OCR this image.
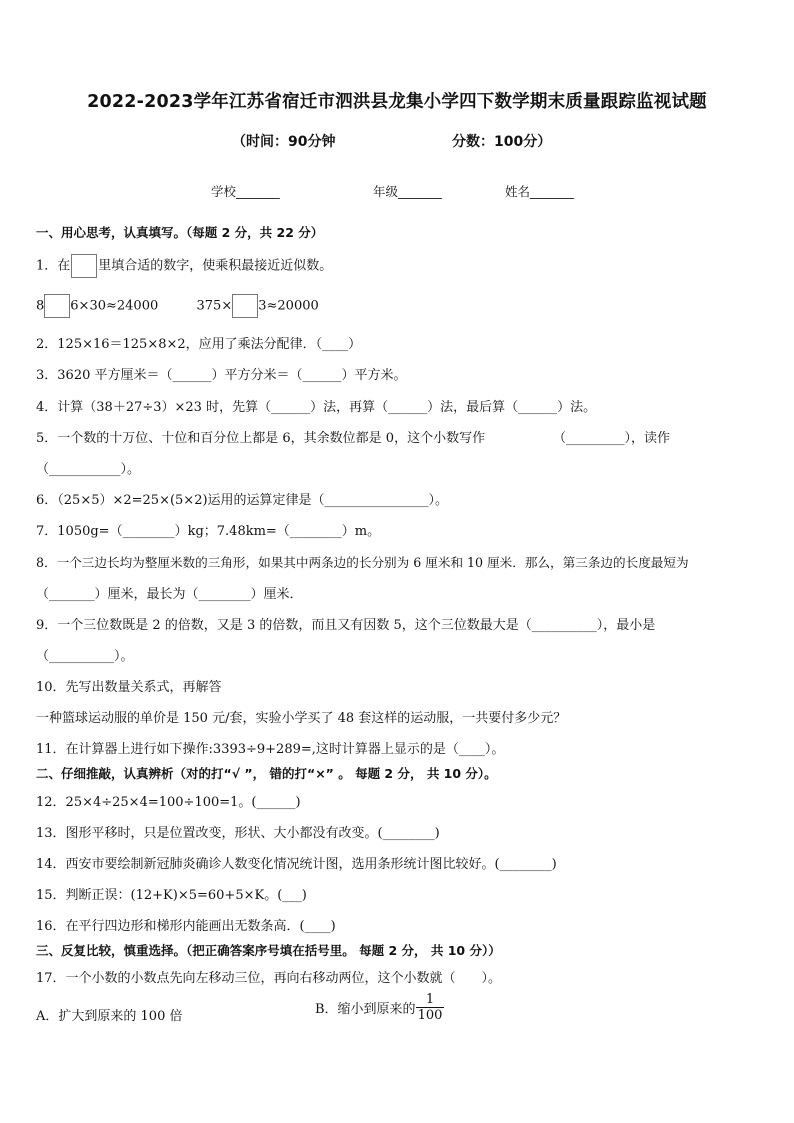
2022-2023学年江苏省宿迁市泗洪县龙集小学四下数学期末质量跟踪监视试题
（时间：90分钟	分数：100分）
学校_______	年级_______	姓名_______
一、用心思考，认真填写。（每题 2 分，共 22 分）
1．在 里填合适的数字，使乘积最接近近似数。
8 6×30≈24000	375× 3≈20000
2．125×16＝125×8×2，应用了乘法分配律．（____）
3．3620 平方厘米＝（______）平方分米＝（______）平方米。
4．计算（38＋27÷3）×23 时，先算（______）法，再算（______）法，最后算（______）法。
5．一个数的十万位、十位和百分位上都是 6，其余数位都是 0，这个小数写作	（_________），读作
（___________）。
6．（25×5）×2=25×(5×2)运用的运算定律是（________________）。
7．1050g=（________）kg；7.48km=（________）m。
8．一个三边长均为整厘米数的三角形，如果其中两条边的长分别为 6 厘米和 10 厘米．那么，第三条边的长度最短为
（_______）厘米，最长为（________）厘米．
9．一个三位数既是 2 的倍数，又是 3 的倍数，而且又有因数 5，这个三位数最大是（__________），最小是
（__________）。
10．先写出数量关系式，再解答
一种篮球运动服的单价是 150 元/套，实验小学买了 48 套这样的运动服，一共要付多少元？
11．在计算器上进行如下操作:3393÷9+289=,这时计算器上显示的是（____）。
二、仔细推敲，认真辨析（对的打“√ ”， 错的打“×” 。 每题 2 分， 共 10 分）。
12．25×4÷25×4=100÷100=1。(______)
13．图形平移时，只是位置改变，形状、大小都没有改变。(________)
14．西安市要绘制新冠肺炎确诊人数变化情况统计图，选用条形统计图比较好。(________)
15．判断正误：(12+K)×5=60+5×K。(___)
16．在平行四边形和梯形内能画出无数条高．(____)
三、反复比较，慎重选择。（把正确答案序号填在括号里。 每题 2 分， 共 10 分））
17．一个小数的小数点先向左移动三位，再向右移动两位，这个小数就（　　）。
A．扩大到原来的 100 倍	B．缩小到原来的 $\frac{1}{100}$
